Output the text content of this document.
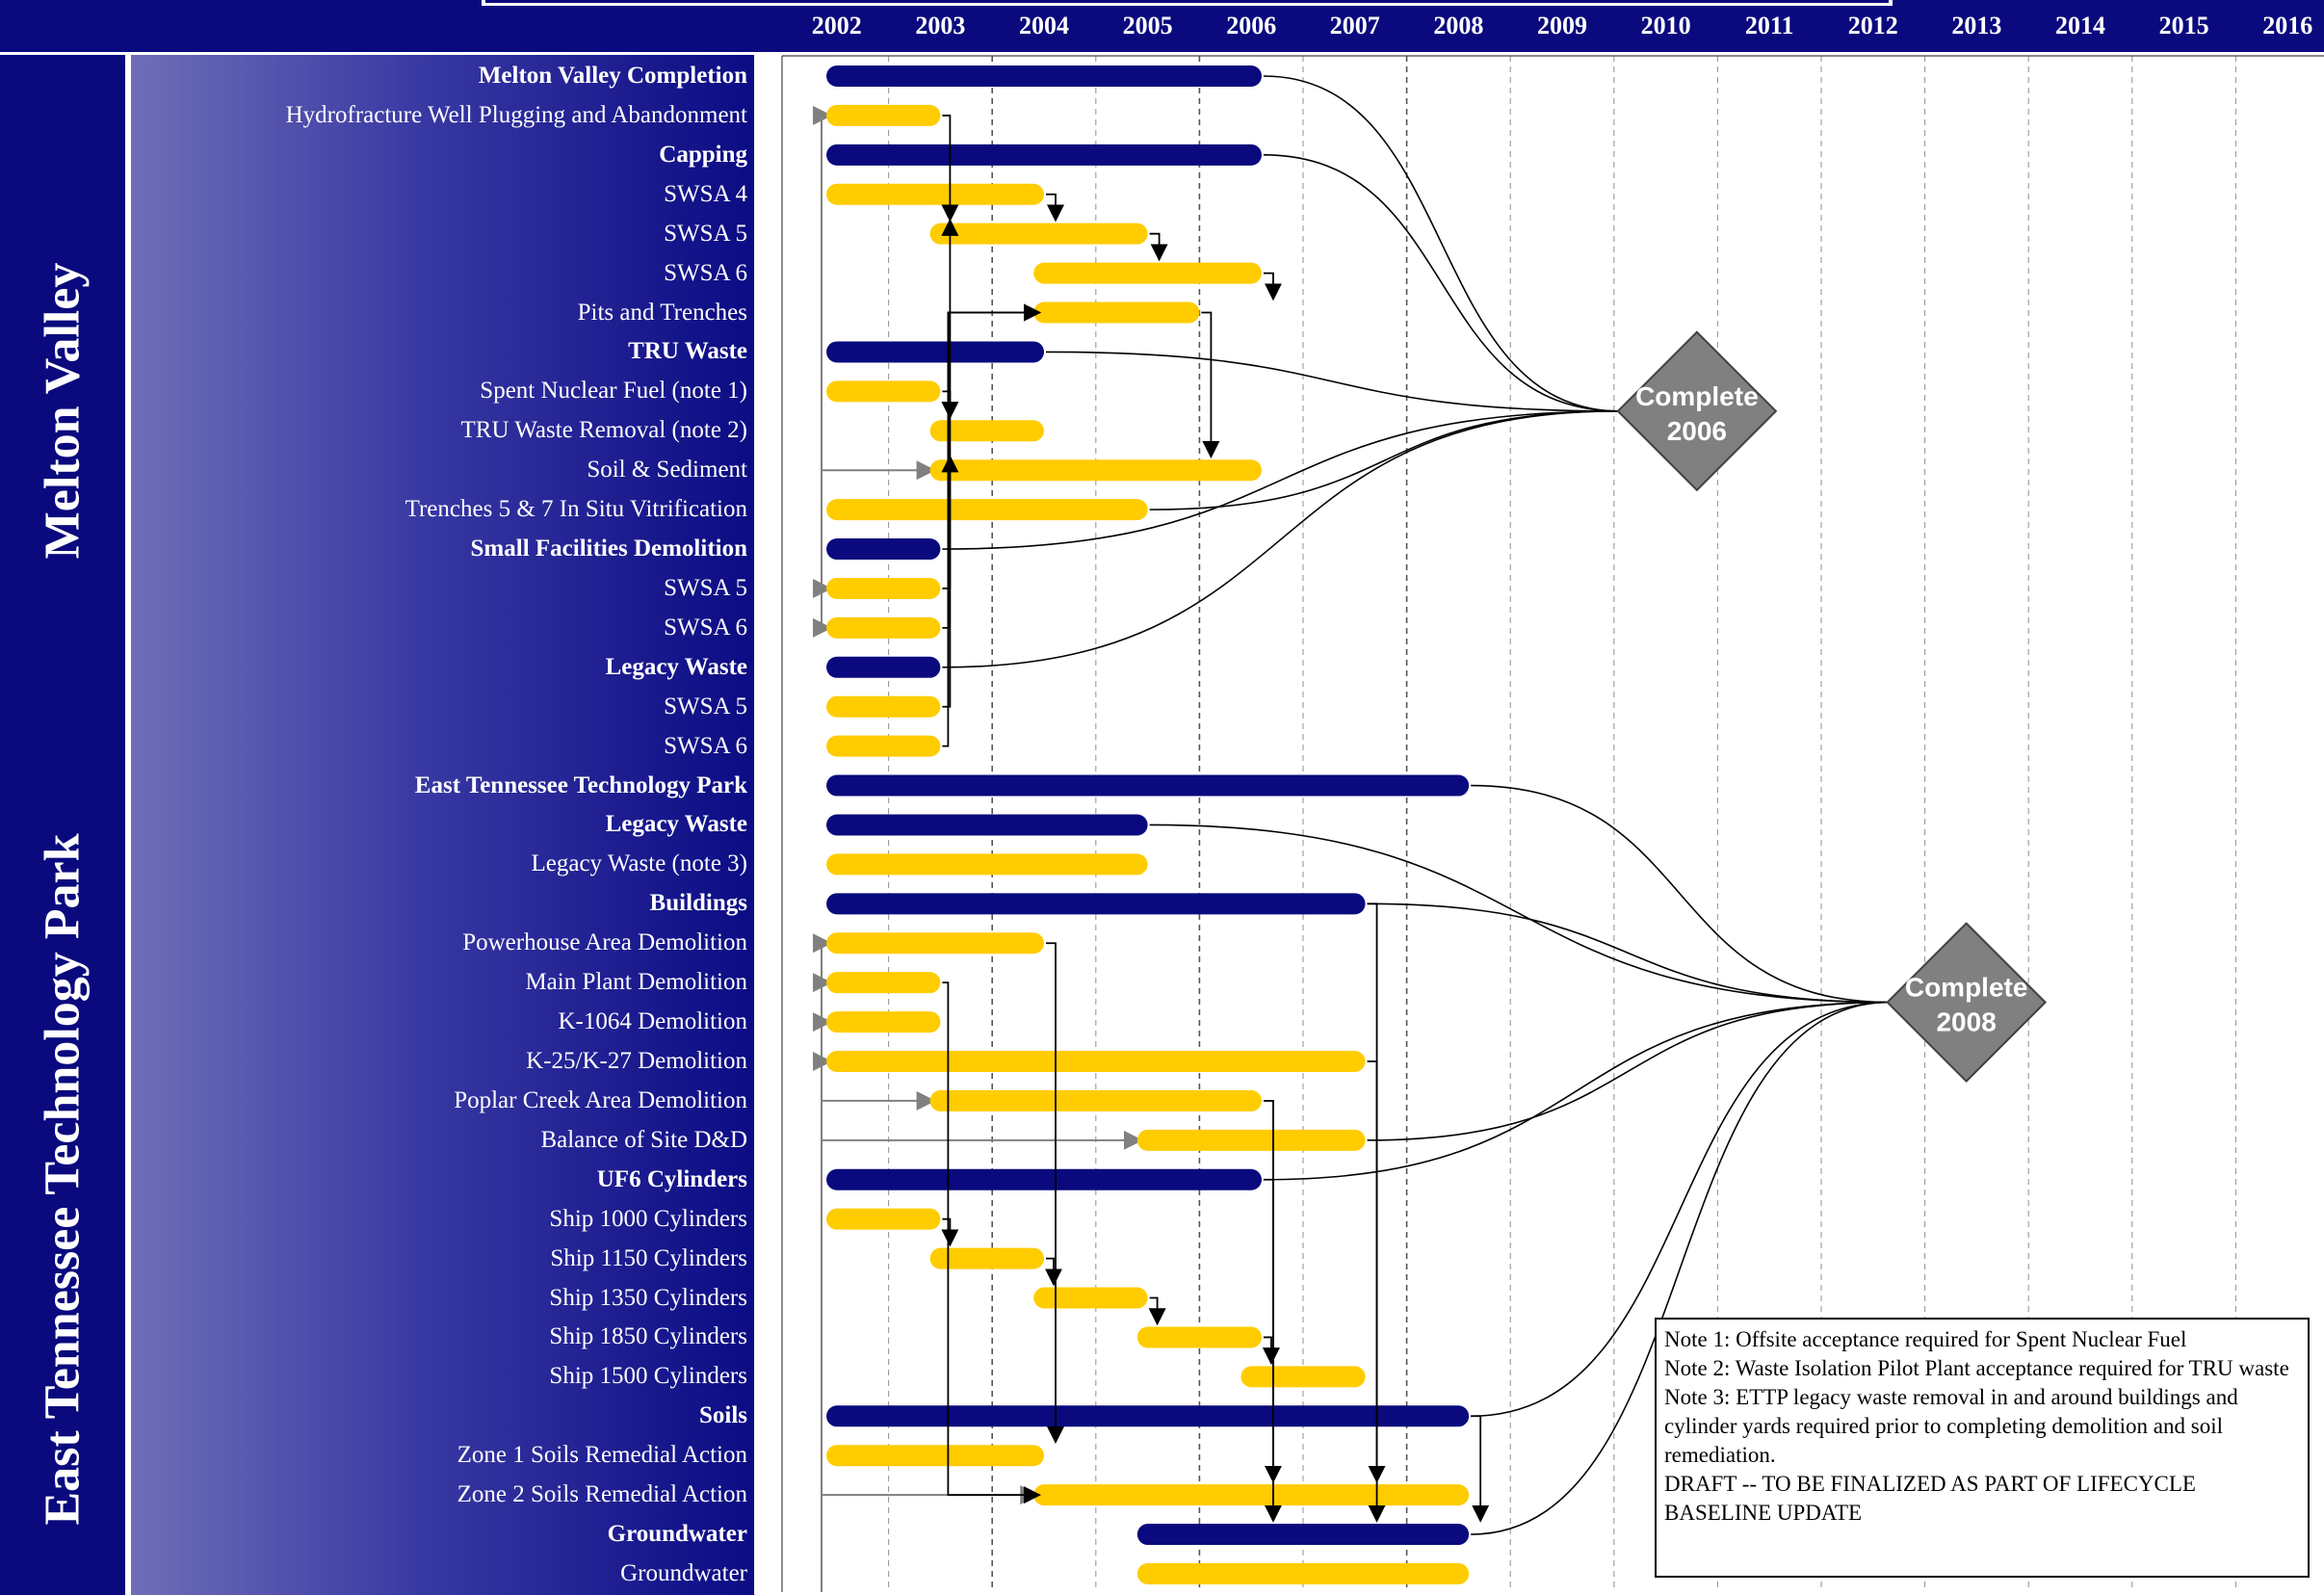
2002 2003 2004 2005 2006 2007 2008 2009 2010 2011 2012 2013 2014 2015 2016
Melton Valley
East Tennessee Technology Park
Melton Valley Completion
Hydrofracture Well Plugging and Abandonment
Capping
SWSA 4
SWSA 5
SWSA 6
Pits and Trenches
TRU Waste
Spent Nuclear Fuel (note 1)
TRU Waste Removal (note 2)
Soil & Sediment
Trenches 5 & 7 In Situ Vitrification
Small Facilities Demolition
SWSA 5
SWSA 6
Legacy Waste
SWSA 5
SWSA 6
East Tennessee Technology Park
Legacy Waste
Legacy Waste (note 3)
Buildings
Powerhouse Area Demolition
Main Plant Demolition
K-1064 Demolition
K-25/K-27 Demolition
Poplar Creek Area Demolition
Balance of Site D&D
UF6 Cylinders
Ship 1000 Cylinders
Ship 1150 Cylinders
Ship 1350 Cylinders
Ship 1850 Cylinders
Ship 1500 Cylinders
Soils
Zone 1 Soils Remedial Action
Zone 2 Soils Remedial Action
Groundwater
Groundwater
Complete
2006
Complete
2008
Note 1: Offsite acceptance required for Spent Nuclear Fuel
Note 2: Waste Isolation Pilot Plant acceptance required for TRU waste
Note 3: ETTP legacy waste removal in and around buildings and cylinder yards required prior to completing demolition and soil remediation.
DRAFT -- TO BE FINALIZED AS PART OF LIFECYCLE BASELINE UPDATE
